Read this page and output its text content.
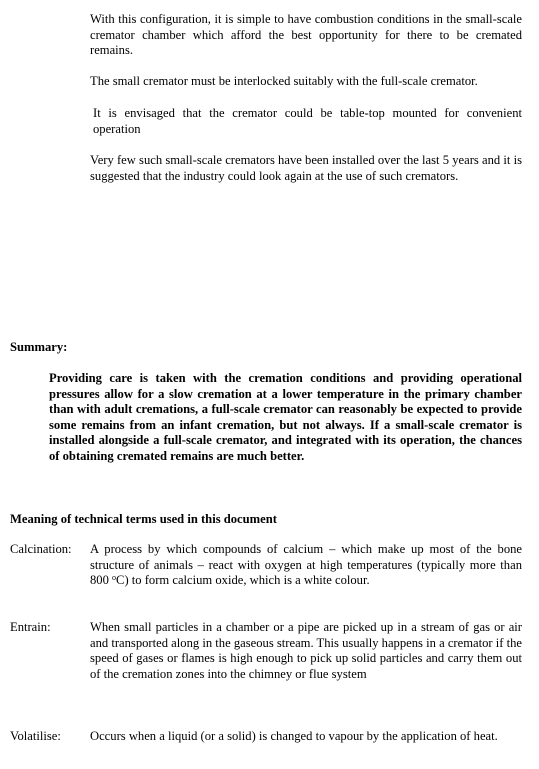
With this configuration, it is simple to have combustion conditions in the small-scale cremator chamber which afford the best opportunity for there to be cremated remains.

The small cremator must be interlocked suitably with the full-scale cremator.

It is envisaged that the cremator could be table-top mounted for convenient operation

Very few such small-scale cremators have been installed over the last 5 years and it is suggested that the industry could look again at the use of such cremators.

Summary:

Providing care is taken with the cremation conditions and providing operational pressures allow for a slow cremation at a lower temperature in the primary chamber than with adult cremations, a full-scale cremator can reasonably be expected to provide some remains from an infant cremation, but not always. If a small-scale cremator is installed alongside a full-scale cremator, and integrated with its operation, the chances of obtaining cremated remains are much better.

Meaning of technical terms used in this document

Calcination: A process by which compounds of calcium – which make up most of the bone structure of animals – react with oxygen at high temperatures (typically more than 800 $^o$C) to form calcium oxide, which is a white colour.

Entrain:	When small particles in a chamber or a pipe are picked up in a stream of gas or air and transported along in the gaseous stream. This usually happens in a cremator if the speed of gases or flames is high enough to pick up solid particles and carry them out of the cremation zones into the chimney or flue system

Volatilise: Occurs when a liquid (or a solid) is changed to vapour by the application of heat.
